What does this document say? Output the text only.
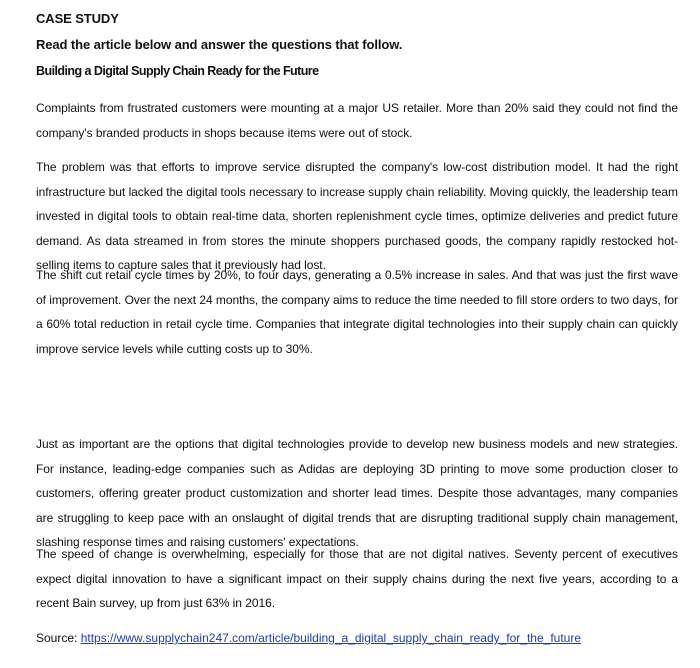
CASE STUDY

Read the article below and answer the questions that follow.

Building a Digital Supply Chain Ready for the Future

Complaints from frustrated customers were mounting at a major US retailer. More than 20% said they could not find the company's branded products in shops because items were out of stock.

The problem was that efforts to improve service disrupted the company's low-cost distribution model. It had the right infrastructure but lacked the digital tools necessary to increase supply chain reliability. Moving quickly, the leadership team invested in digital tools to obtain real-time data, shorten replenishment cycle times, optimize deliveries and predict future demand. As data streamed in from stores the minute shoppers purchased goods, the company rapidly restocked hot-selling items to capture sales that it previously had lost.

The shift cut retail cycle times by 20%, to four days, generating a 0.5% increase in sales. And that was just the first wave of improvement. Over the next 24 months, the company aims to reduce the time needed to fill store orders to two days, for a 60% total reduction in retail cycle time. Companies that integrate digital technologies into their supply chain can quickly improve service levels while cutting costs up to 30%.

Just as important are the options that digital technologies provide to develop new business models and new strategies. For instance, leading-edge companies such as Adidas are deploying 3D printing to move some production closer to customers, offering greater product customization and shorter lead times. Despite those advantages, many companies are struggling to keep pace with an onslaught of digital trends that are disrupting traditional supply chain management, slashing response times and raising customers' expectations.

The speed of change is overwhelming, especially for those that are not digital natives. Seventy percent of executives expect digital innovation to have a significant impact on their supply chains during the next five years, according to a recent Bain survey, up from just 63% in 2016.

Source: https://www.supplychain247.com/article/building_a_digital_supply_chain_ready_for_the_future
